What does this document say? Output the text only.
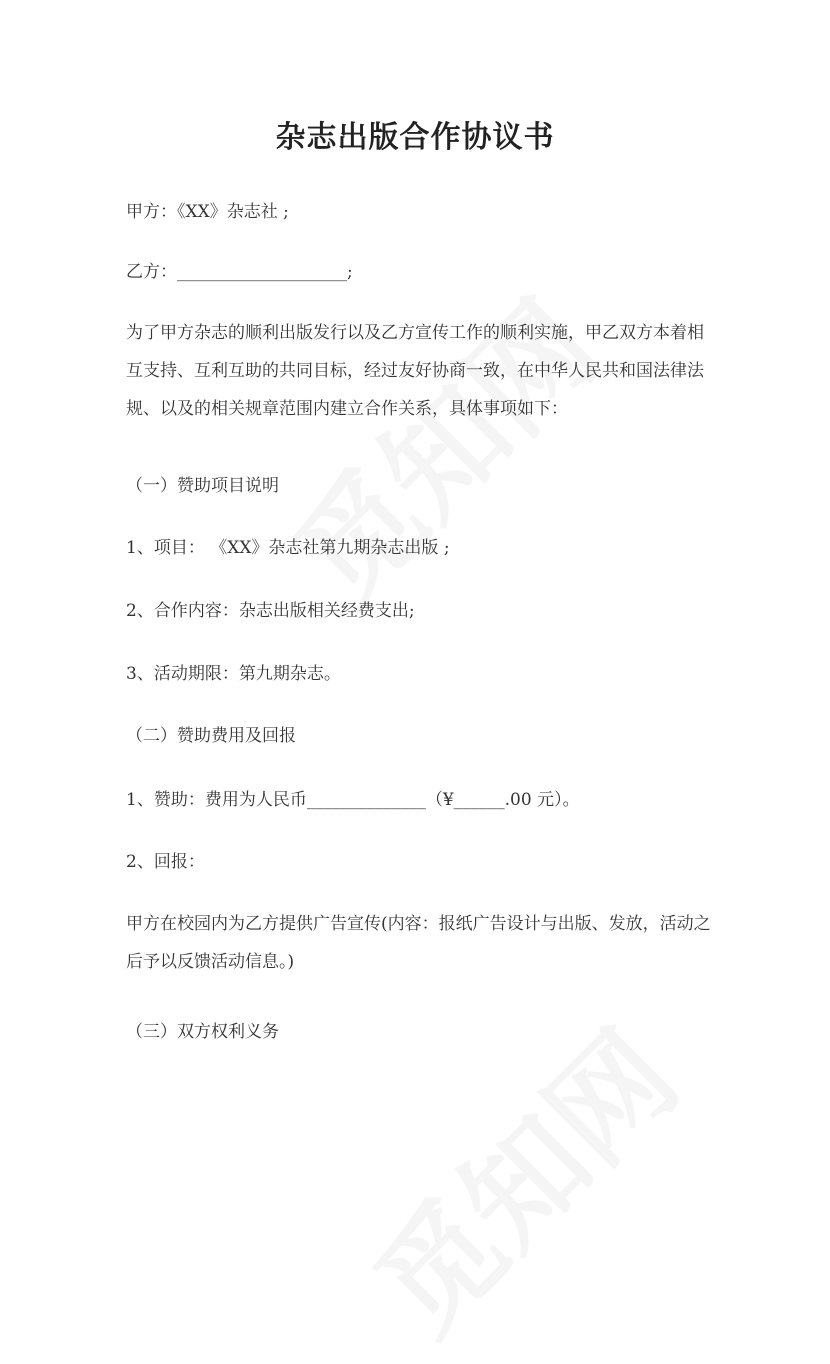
杂志出版合作协议书

甲方：《XX》杂志社 ;

乙方：____________________;

为了甲方杂志的顺利出版发行以及乙方宣传工作的顺利实施，甲乙双方本着相
互支持、互利互助的共同目标，经过友好协商一致，在中华人民共和国法律法
规、以及的相关规章范围内建立合作关系，具体事项如下：

（一）赞助项目说明

1、项目： 《XX》杂志社第九期杂志出版 ;

2、合作内容：杂志出版相关经费支出;

3、活动期限：第九期杂志。

（二）赞助费用及回报

1、赞助：费用为人民币______________（¥______.00 元）。

2、回报：

甲方在校园内为乙方提供广告宣传(内容：报纸广告设计与出版、发放，活动之
后予以反馈活动信息。)

（三）双方权利义务
